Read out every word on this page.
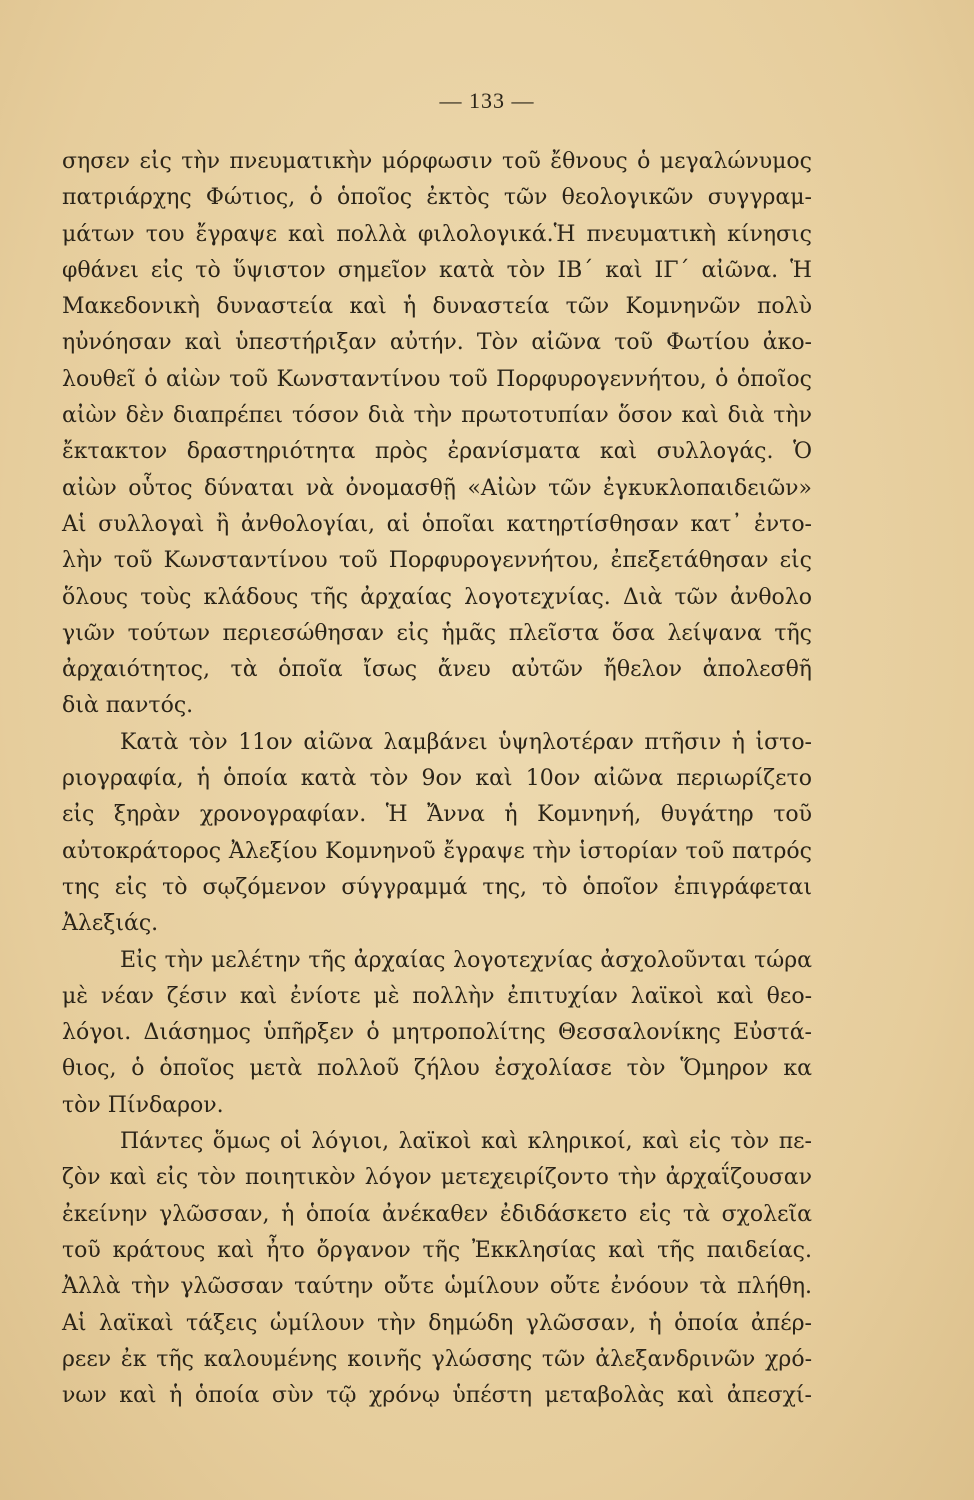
— 133 —
σησεν εἰς τὴν πνευματικὴν μόρφωσιν τοῦ ἔθνους ὁ μεγαλώνυμος
πατριάρχης Φώτιος, ὁ ὁποῖος ἐκτὸς τῶν θεολογικῶν συγγραμ-
μάτων του ἔγραψε καὶ πολλὰ φιλολογικά.Ἡ πνευματικὴ κίνησις
φθάνει εἰς τὸ ὕψιστον σημεῖον κατὰ τὸν ΙΒ΄ καὶ ΙΓ΄ αἰῶνα. Ἡ
Μακεδονικὴ δυναστεία καὶ ἡ δυναστεία τῶν Κομνηνῶν πολὺ
ηὐνόησαν καὶ ὑπεστήριξαν αὐτήν. Τὸν αἰῶνα τοῦ Φωτίου ἀκο-
λουθεῖ ὁ αἰὼν τοῦ Κωνσταντίνου τοῦ Πορφυρογεννήτου, ὁ ὁποῖος
αἰὼν δὲν διαπρέπει τόσον διὰ τὴν πρωτοτυπίαν ὅσον καὶ διὰ τὴν
ἔκτακτον δραστηριότητα πρὸς ἐρανίσματα καὶ συλλογάς. Ὁ
αἰὼν οὗτος δύναται νὰ ὀνομασθῇ «Αἰὼν τῶν ἐγκυκλοπαιδειῶν»
Αἱ συλλογαὶ ἢ ἀνθολογίαι, αἱ ὁποῖαι κατηρτίσθησαν κατ᾽ ἐντο-
λὴν τοῦ Κωνσταντίνου τοῦ Πορφυρογεννήτου, ἐπεξετάθησαν εἰς
ὅλους τοὺς κλάδους τῆς ἀρχαίας λογοτεχνίας. Διὰ τῶν ἀνθολο
γιῶν τούτων περιεσώθησαν εἰς ἡμᾶς πλεῖστα ὅσα λείψανα τῆς
ἀρχαιότητος, τὰ ὁποῖα ἴσως ἄνευ αὐτῶν ἤθελον ἀπολεσθῆ
διὰ παντός.
Κατὰ τὸν 11ον αἰῶνα λαμβάνει ὑψηλοτέραν πτῆσιν ἡ ἱστο-
ριογραφία, ἡ ὁποία κατὰ τὸν 9ον καὶ 10ον αἰῶνα περιωρίζετο
εἰς ξηρὰν χρονογραφίαν. Ἡ Ἄννα ἡ Κομνηνή, θυγάτηρ τοῦ
αὐτοκράτορος Ἀλεξίου Κομνηνοῦ ἔγραψε τὴν ἱστορίαν τοῦ πατρός
της εἰς τὸ σῳζόμενον σύγγραμμά της, τὸ ὁποῖον ἐπιγράφεται
Ἀλεξιάς.
Εἰς τὴν μελέτην τῆς ἀρχαίας λογοτεχνίας ἀσχολοῦνται τώρα
μὲ νέαν ζέσιν καὶ ἐνίοτε μὲ πολλὴν ἐπιτυχίαν λαϊκοὶ καὶ θεο-
λόγοι. Διάσημος ὑπῆρξεν ὁ μητροπολίτης Θεσσαλονίκης Εὐστά-
θιος, ὁ ὁποῖος μετὰ πολλοῦ ζήλου ἐσχολίασε τὸν Ὅμηρον κα
τὸν Πίνδαρον.
Πάντες ὅμως οἱ λόγιοι, λαϊκοὶ καὶ κληρικοί, καὶ εἰς τὸν πε-
ζὸν καὶ εἰς τὸν ποιητικὸν λόγον μετεχειρίζοντο τὴν ἀρχαΐζουσαν
ἐκείνην γλῶσσαν, ἡ ὁποία ἀνέκαθεν ἐδιδάσκετο εἰς τὰ σχολεῖα
τοῦ κράτους καὶ ἦτο ὄργανον τῆς Ἐκκλησίας καὶ τῆς παιδείας.
Ἀλλὰ τὴν γλῶσσαν ταύτην οὔτε ὡμίλουν οὔτε ἐνόουν τὰ πλήθη.
Αἱ λαϊκαὶ τάξεις ὡμίλουν τὴν δημώδη γλῶσσαν, ἡ ὁποία ἀπέρ-
ρεεν ἐκ τῆς καλουμένης κοινῆς γλώσσης τῶν ἀλεξανδρινῶν χρό-
νων καὶ ἡ ὁποία σὺν τῷ χρόνῳ ὑπέστη μεταβολὰς καὶ ἀπεσχί-
